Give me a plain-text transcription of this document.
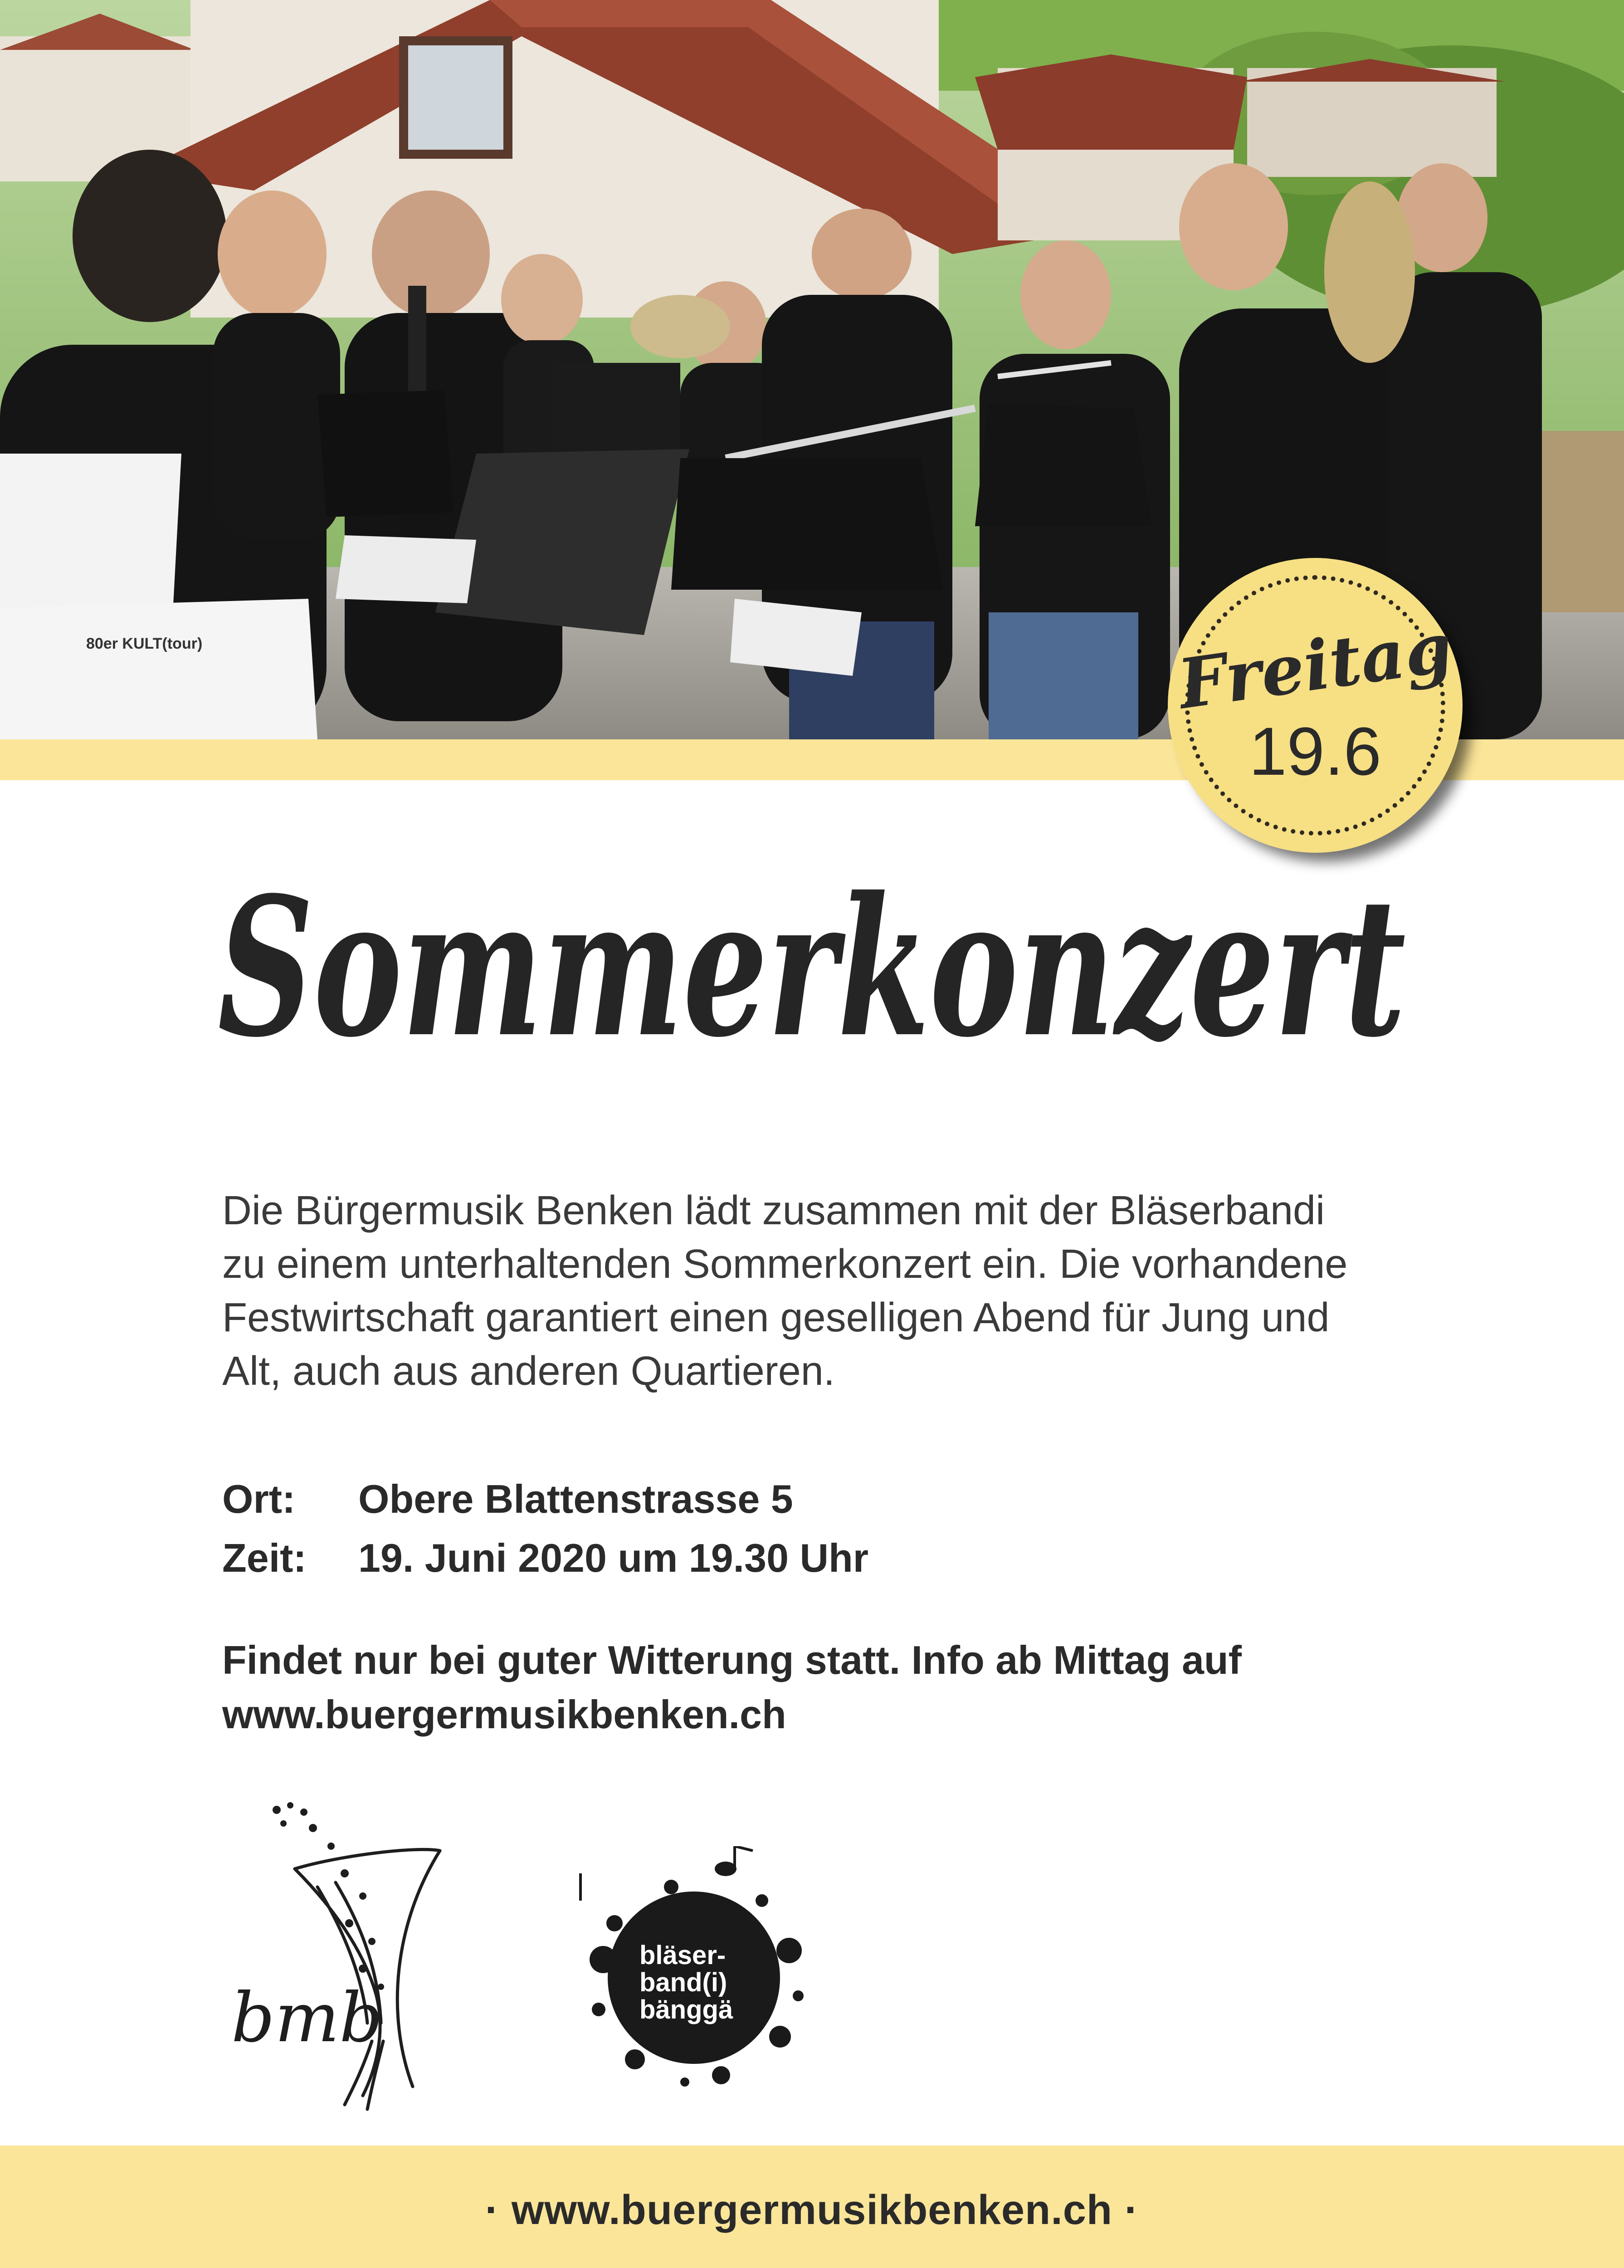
80er KULT(tour)	Freitag
19.6
Sommerkonzert

Die Bürgermusik Benken lädt zusammen mit der Bläserbandi

zu einem unterhaltenden Sommerkonzert ein. Die vorhandene

Festwirtschaft garantiert einen geselligen Abend für Jung und

Alt, auch aus anderen Quartieren.

Ort:	Obere Blattenstrasse 5
Zeit:	19. Juni 2020 um 19.30 Uhr

Findet nur bei guter Witterung statt. Info ab Mittag auf

www.buergermusikbenken.ch

bmb
bläser-
band(i)
bänggä
· www.buergermusikbenken.ch ·
